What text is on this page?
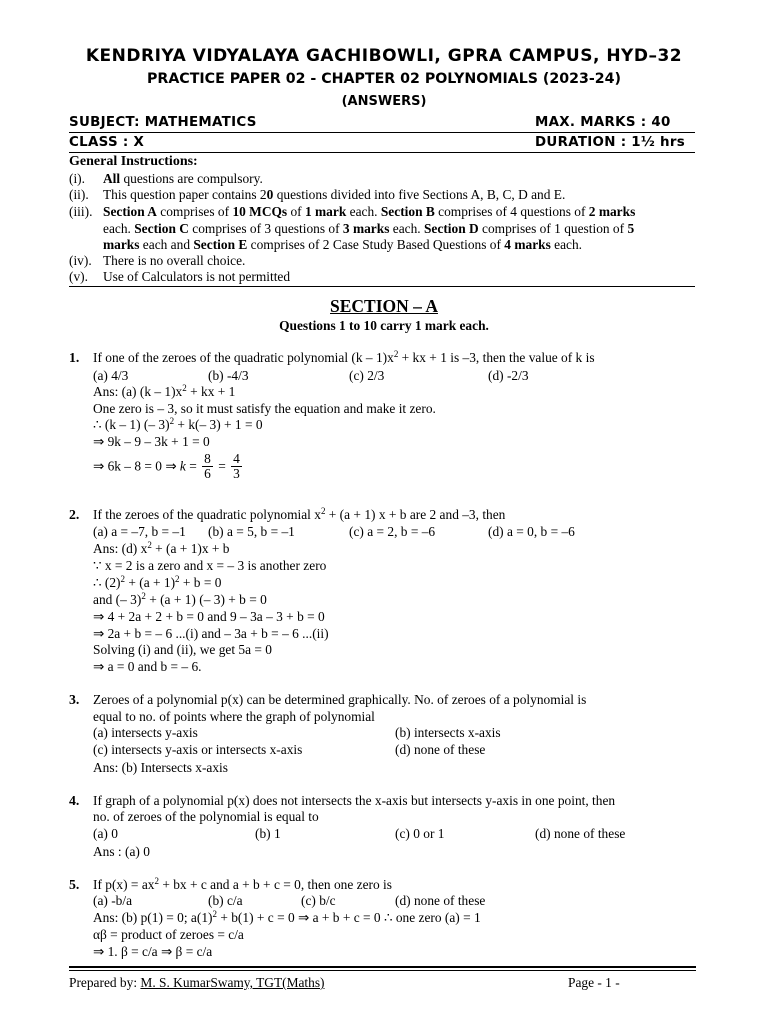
KENDRIYA VIDYALAYA GACHIBOWLI, GPRA CAMPUS, HYD–32
PRACTICE PAPER 02 - CHAPTER 02 POLYNOMIALS (2023-24)
(ANSWERS)
SUBJECT: MATHEMATICS	MAX. MARKS : 40
CLASS : X	DURATION : 1½ hrs
General Instructions:
(i). All questions are compulsory.
(ii). This question paper contains 20 questions divided into five Sections A, B, C, D and E.
(iii). Section A comprises of 10 MCQs of 1 mark each. Section B comprises of 4 questions of 2 marks
each. Section C comprises of 3 questions of 3 marks each. Section D comprises of 1 question of 5
marks each and Section E comprises of 2 Case Study Based Questions of 4 marks each.
(iv). There is no overall choice.
(v). Use of Calculators is not permitted
SECTION – A
Questions 1 to 10 carry 1 mark each.
1. If one of the zeroes of the quadratic polynomial $(k - 1)x^2$ + kx + 1 is –3, then the value of k is
(a) 4/3	(b) -4/3	(c) 2/3	(d) -2/3
Ans: (a) $(k - 1)x^2$ + kx + 1
One zero is – 3, so it must satisfy the equation and make it zero.
∴ (k – 1) (– 3)$^2$ + k(– 3) + 1 = 0
⇒ 9k – 9 – 3k + 1 = 0
⇒ 6k – 8 = 0 ⇒ $k = \frac{8}{6} = \frac{4}{3}$
2. If the zeroes of the quadratic polynomial $x^2 + (a + 1) x + b$ are 2 and –3, then
(a) a = –7, b = –1 (b) a = 5, b = –1	(c) a = 2, b = –6	(d) a = 0, b = –6
Ans: (d) $x^2 + (a + 1)x + b$
∵ x = 2 is a zero and x = – 3 is another zero
∴ $(2)^2 + (a + 1)^2 + b = 0$
and (– 3)$^2$ + (a + 1) (– 3) + b = 0
⇒ 4 + 2a + 2 + b = 0 and 9 – 3a – 3 + b = 0
⇒ 2a + b = – 6 ...(i) and – 3a + b = – 6 ...(ii)
Solving (i) and (ii), we get 5a = 0
⇒ a = 0 and b = – 6.
3. Zeroes of a polynomial p(x) can be determined graphically. No. of zeroes of a polynomial is
equal to no. of points where the graph of polynomial
(a) intersects y-axis	(b) intersects x-axis
(c) intersects y-axis or intersects x-axis	(d) none of these
Ans: (b) Intersects x-axis
4. If graph of a polynomial p(x) does not intersects the x-axis but intersects y-axis in one point, then
no. of zeroes of the polynomial is equal to
(a) 0	(b) 1	(c) 0 or 1	(d) none of these
Ans : (a) 0
5. If $p(x) = ax^2$ + bx + c and a + b + c = 0, then one zero is
(a) -b/a	(b) c/a	(c) b/c	(d) none of these
Ans: (b) p(1) = 0; $a(1)^2 + b(1) + c = 0$ ⇒ a + b + c = 0 ∴ one zero (a) = 1
αβ = product of zeroes = c/a
⇒ 1. β = c/a ⇒ β = c/a
Prepared by: M. S. KumarSwamy, TGT(Maths)	Page - 1 -
